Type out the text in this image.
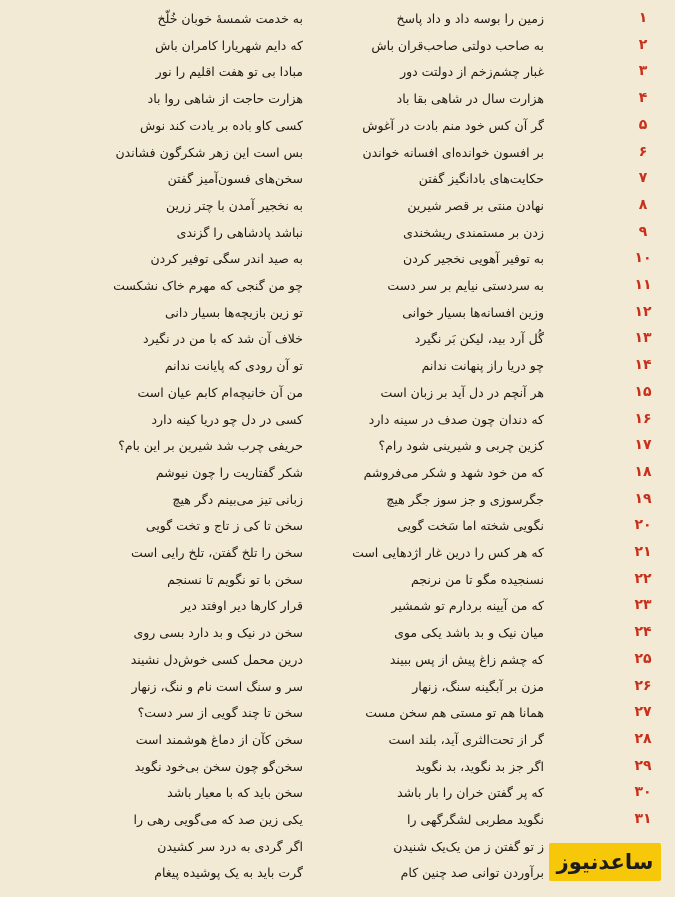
۱
به خدمت شمسهٔ خوبان خُلّخ	زمین را بوسه داد و داد پاسخ
۲
که دایم شهریارا کامران باش	به صاحب دولتی صاحب‌قران باش
۳
مبادا بی تو هفت اقلیم را نور	غبار چشم‌زخم از دولتت دور
۴
هزارت حاجت از شاهی روا باد	هزارت سال در شاهی بقا باد
۵
کسی کاو باده بر یادت کند نوش	گر آن کس خود منم بادت در آغوش
۶
بس است این زهر شکرگون فشاندن	بر افسون خوانده‌ای افسانه خواندن
۷
سخن‌های فسون‌آمیز گفتن	حکایت‌های بادانگیز گفتن
۸
به نخجیر آمدن با چتر زرین	نهادن منتی بر قصر شیرین
۹
نباشد پادشاهی را گزندی	زدن بر مستمندی ریشخندی
۱۰
به صید اندر سگی توفیر کردن	به توفیر آهویی نخجیر کردن
۱۱
چو من گنجی که مهرم خاک نشکست	به سردستی نیایم بر سر دست
۱۲
تو زین بازیچه‌ها بسیار دانی	وزین افسانه‌ها بسیار خوانی
۱۳
خلاف آن شد که با من در نگیرد	گُل آرد بید، لیکن بَر نگیرد
۱۴
تو آن رودی که پایانت ندانم	چو دریا راز پنهانت ندانم
۱۵
من آن خانیچه‌ام کابم عیان است	هر آنچم در دل آید بر زبان است
۱۶
کسی در دل چو دریا کینه دارد	که دندان چون صدف در سینه دارد
۱۷
حریفی چرب شد شیرین بر این بام؟	کزین چربی و شیرینی شود رام؟
۱۸
شکر گفتاریت را چون نیوشم	که من خود شهد و شکر می‌فروشم
۱۹
زبانی تیز می‌بینم دگر هیچ	جگرسوزی و جز سوز جگر هیچ
۲۰
سخن تا کی ز تاج و تخت گویی	نگویی شخته اما سَخت گویی
۲۱
سخن را تلخ گفتن، تلخ رایی است	که هر کس را درین غار اژدهایی است
۲۲
سخن با تو نگویم تا نسنجم	نسنجیده مگو تا من نرنجم
۲۳
قرار کارها دیر اوفتد دیر	که من آیینه بردارم تو شمشیر
۲۴
سخن در نیک و بد دارد بسی روی	میان نیک و بد باشد یکی موی
۲۵
درین محمل کسی خوش‌دل نشیند	که چشم زاغ پیش از پس ببیند
۲۶
سر و سنگ است نام و ننگ، زنهار	مزن بر آبگینه سنگ، زنهار
۲۷
سخن تا چند گویی از سر دست؟	همانا هم تو مستی هم سخن مست
۲۸
سخن کآن از دماغ هوشمند است	گر از تحت‌الثری آید، بلند است
۲۹
سخن‌گو چون سخن بی‌خود نگوید	اگر جز بد نگوید، بد نگوید
۳۰
سخن باید که با معیار باشد	که پر گفتن خران را بار باشد
۳۱
یکی زین صد که می‌گویی رهی را	نگوید مطربی لشگرگهی را
اگر گردی به درد سر کشیدن	ز تو گفتن ز من یک‌یک شنیدن
گرت باید به یک پوشیده پیغام	برآوردن توانی صد چنین کام ساعدنیوز
